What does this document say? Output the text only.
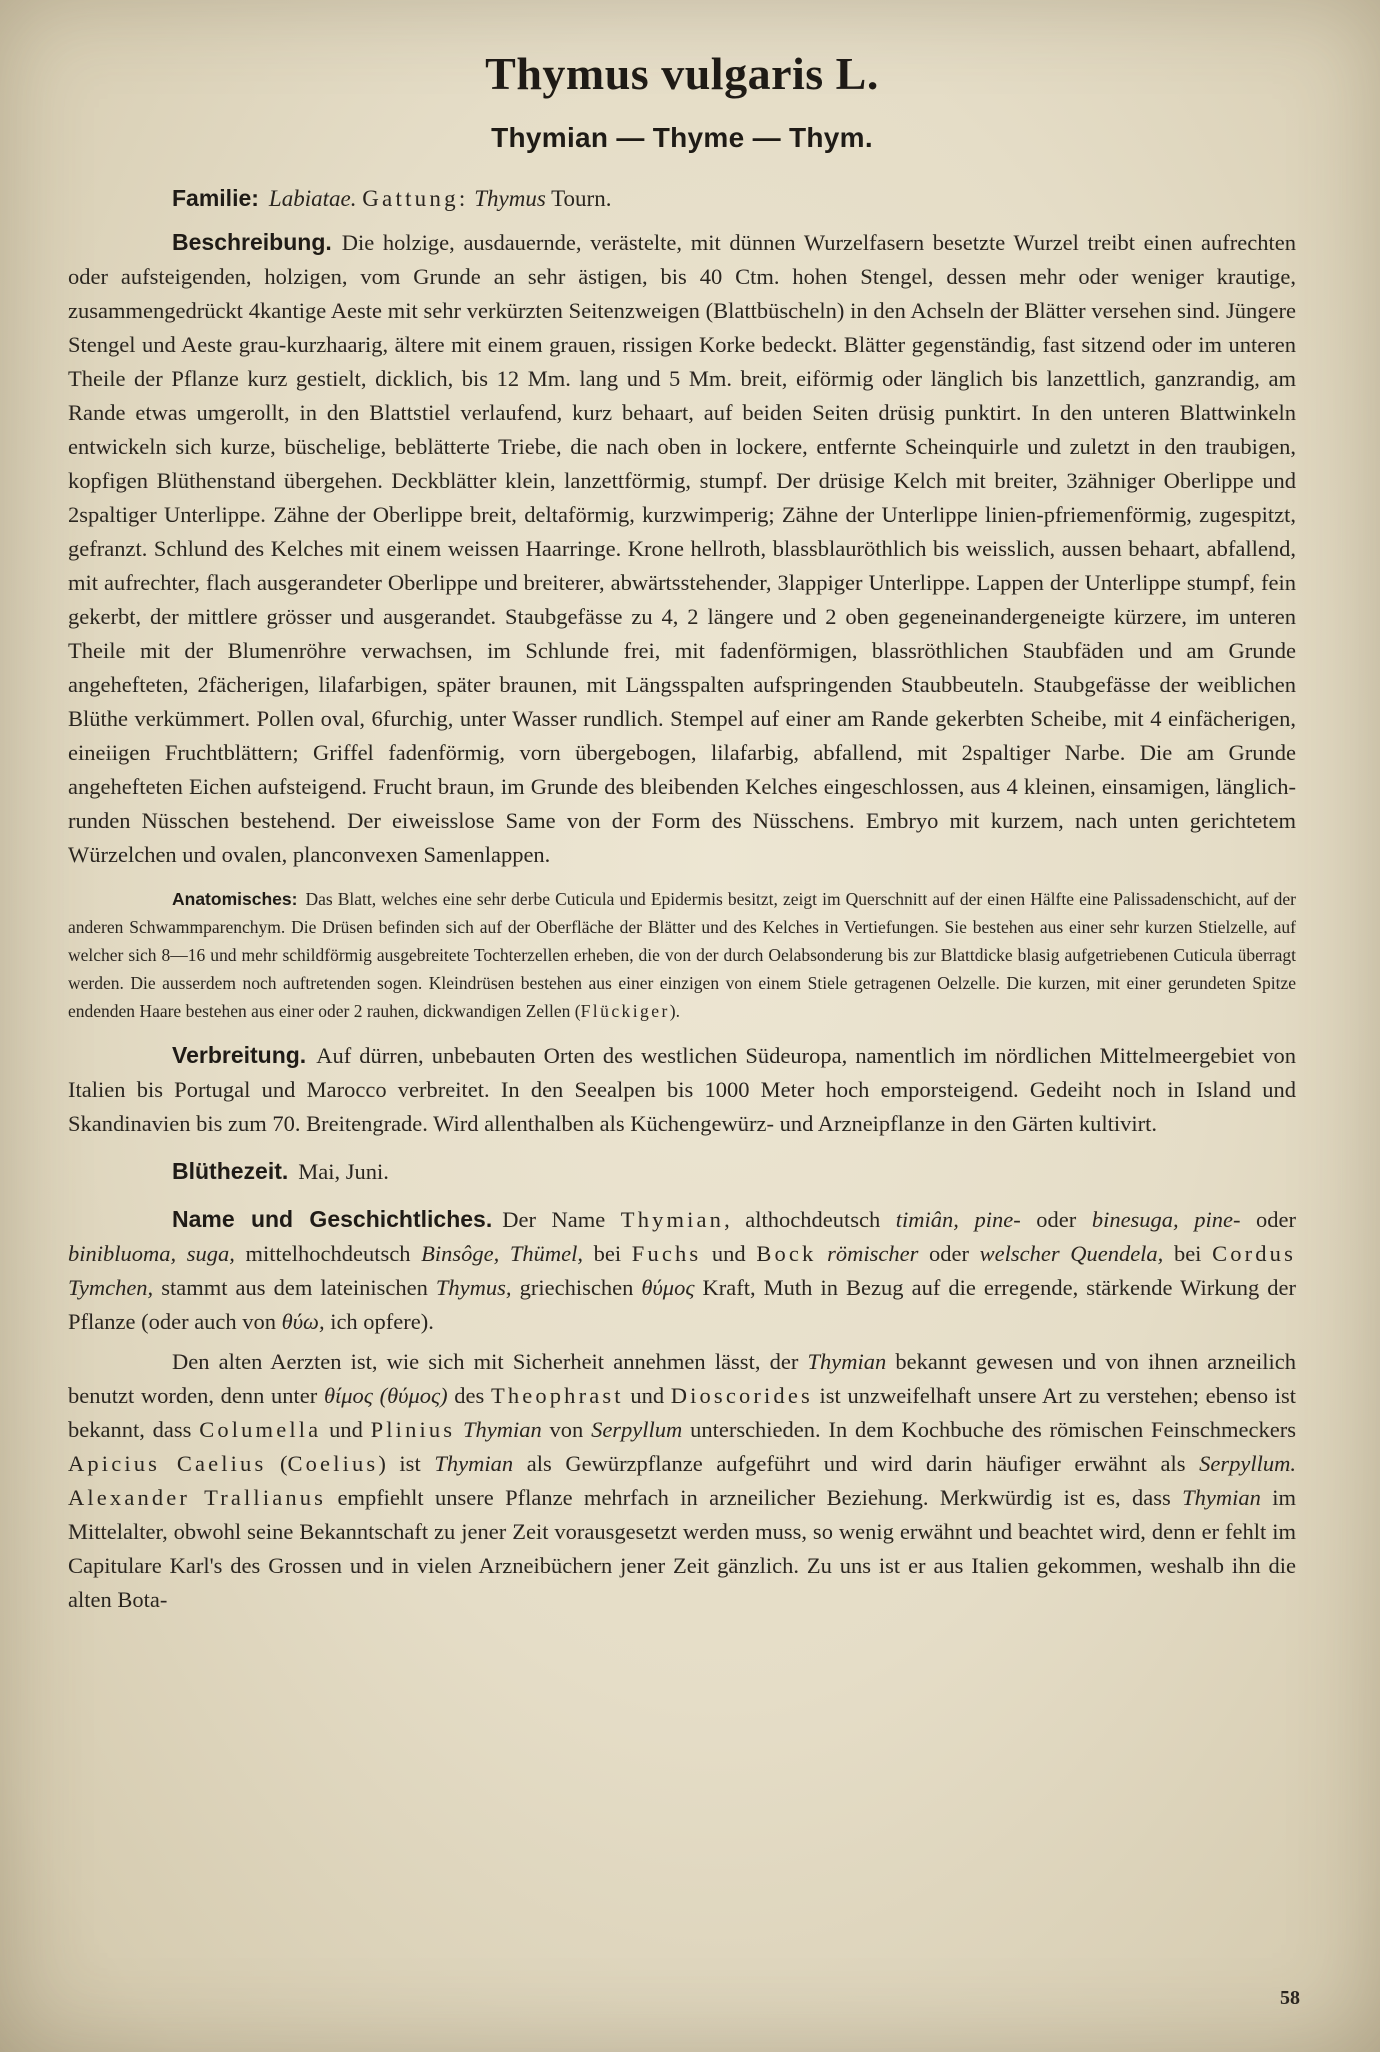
Thymus vulgaris L.
Thymian — Thyme — Thym.
Familie: Labiatae. Gattung: Thymus Tourn.

Beschreibung. Die holzige, ausdauernde, verästelte, mit dünnen Wurzelfasern besetzte Wurzel treibt einen aufrechten oder aufsteigenden, holzigen, vom Grunde an sehr ästigen, bis 40 Ctm. hohen Stengel, dessen mehr oder weniger krautige, zusammengedrückt 4kantige Aeste mit sehr verkürzten Seitenzweigen (Blattbüscheln) in den Achseln der Blätter versehen sind. Jüngere Stengel und Aeste grau-kurzhaarig, ältere mit einem grauen, rissigen Korke bedeckt. Blätter gegenständig, fast sitzend oder im unteren Theile der Pflanze kurz gestielt, dicklich, bis 12 Mm. lang und 5 Mm. breit, eiförmig oder länglich bis lanzettlich, ganzrandig, am Rande etwas umgerollt, in den Blattstiel verlaufend, kurz behaart, auf beiden Seiten drüsig punktirt. In den unteren Blattwinkeln entwickeln sich kurze, büschelige, beblätterte Triebe, die nach oben in lockere, entfernte Scheinquirle und zuletzt in den traubigen, kopfigen Blüthenstand übergehen. Deckblätter klein, lanzettförmig, stumpf. Der drüsige Kelch mit breiter, 3zähniger Oberlippe und 2spaltiger Unterlippe. Zähne der Oberlippe breit, deltaförmig, kurzwimperig; Zähne der Unterlippe linien-pfriemenförmig, zugespitzt, gefranzt. Schlund des Kelches mit einem weissen Haarringe. Krone hellroth, blassblauröthlich bis weisslich, aussen behaart, abfallend, mit aufrechter, flach ausgerandeter Oberlippe und breiterer, abwärtsstehender, 3lappiger Unterlippe. Lappen der Unterlippe stumpf, fein gekerbt, der mittlere grösser und ausgerandet. Staubgefässe zu 4, 2 längere und 2 oben gegeneinandergeneigte kürzere, im unteren Theile mit der Blumenröhre verwachsen, im Schlunde frei, mit fadenförmigen, blassröthlichen Staubfäden und am Grunde angehefteten, 2fächerigen, lilafarbigen, später braunen, mit Längsspalten aufspringenden Staubbeuteln. Staubgefässe der weiblichen Blüthe verkümmert. Pollen oval, 6furchig, unter Wasser rundlich. Stempel auf einer am Rande gekerbten Scheibe, mit 4 einfächerigen, eineiigen Fruchtblättern; Griffel fadenförmig, vorn übergebogen, lilafarbig, abfallend, mit 2spaltiger Narbe. Die am Grunde angehefteten Eichen aufsteigend. Frucht braun, im Grunde des bleibenden Kelches eingeschlossen, aus 4 kleinen, einsamigen, länglich-runden Nüsschen bestehend. Der eiweisslose Same von der Form des Nüsschens. Embryo mit kurzem, nach unten gerichtetem Würzelchen und ovalen, planconvexen Samenlappen.

Anatomisches: Das Blatt, welches eine sehr derbe Cuticula und Epidermis besitzt, zeigt im Querschnitt auf der einen Hälfte eine Palissadenschicht, auf der anderen Schwammparenchym. Die Drüsen befinden sich auf der Oberfläche der Blätter und des Kelches in Vertiefungen. Sie bestehen aus einer sehr kurzen Stielzelle, auf welcher sich 8—16 und mehr schildförmig ausgebreitete Tochterzellen erheben, die von der durch Oelabsonderung bis zur Blattdicke blasig aufgetriebenen Cuticula überragt werden. Die ausserdem noch auftretenden sogen. Kleindrüsen bestehen aus einer einzigen von einem Stiele getragenen Oelzelle. Die kurzen, mit einer gerundeten Spitze endenden Haare bestehen aus einer oder 2 rauhen, dickwandigen Zellen (Flückiger).

Verbreitung. Auf dürren, unbebauten Orten des westlichen Südeuropa, namentlich im nördlichen Mittelmeergebiet von Italien bis Portugal und Marocco verbreitet. In den Seealpen bis 1000 Meter hoch emporsteigend. Gedeiht noch in Island und Skandinavien bis zum 70. Breitengrade. Wird allenthalben als Küchengewürz- und Arzneipflanze in den Gärten kultivirt.

Blüthezeit. Mai, Juni.

Name und Geschichtliches. Der Name Thymian, althochdeutsch timiân, pine- oder binesuga, pine- oder binibluoma, suga, mittelhochdeutsch Binsôge, Thümel, bei Fuchs und Bock römischer oder welscher Quendela, bei Cordus Tymchen, stammt aus dem lateinischen Thymus, griechischen θύμος Kraft, Muth in Bezug auf die erregende, stärkende Wirkung der Pflanze (oder auch von θύω, ich opfere).

Den alten Aerzten ist, wie sich mit Sicherheit annehmen lässt, der Thymian bekannt gewesen und von ihnen arzneilich benutzt worden, denn unter θίμος (θύμος) des Theophrast und Dioscorides ist unzweifelhaft unsere Art zu verstehen; ebenso ist bekannt, dass Columella und Plinius Thymian von Serpyllum unterschieden. In dem Kochbuche des römischen Feinschmeckers Apicius Caelius (Coelius) ist Thymian als Gewürzpflanze aufgeführt und wird darin häufiger erwähnt als Serpyllum. Alexander Trallianus empfiehlt unsere Pflanze mehrfach in arzneilicher Beziehung. Merkwürdig ist es, dass Thymian im Mittelalter, obwohl seine Bekanntschaft zu jener Zeit vorausgesetzt werden muss, so wenig erwähnt und beachtet wird, denn er fehlt im Capitulare Karl's des Grossen und in vielen Arzneibüchern jener Zeit gänzlich. Zu uns ist er aus Italien gekommen, weshalb ihn die alten Bota-

58
